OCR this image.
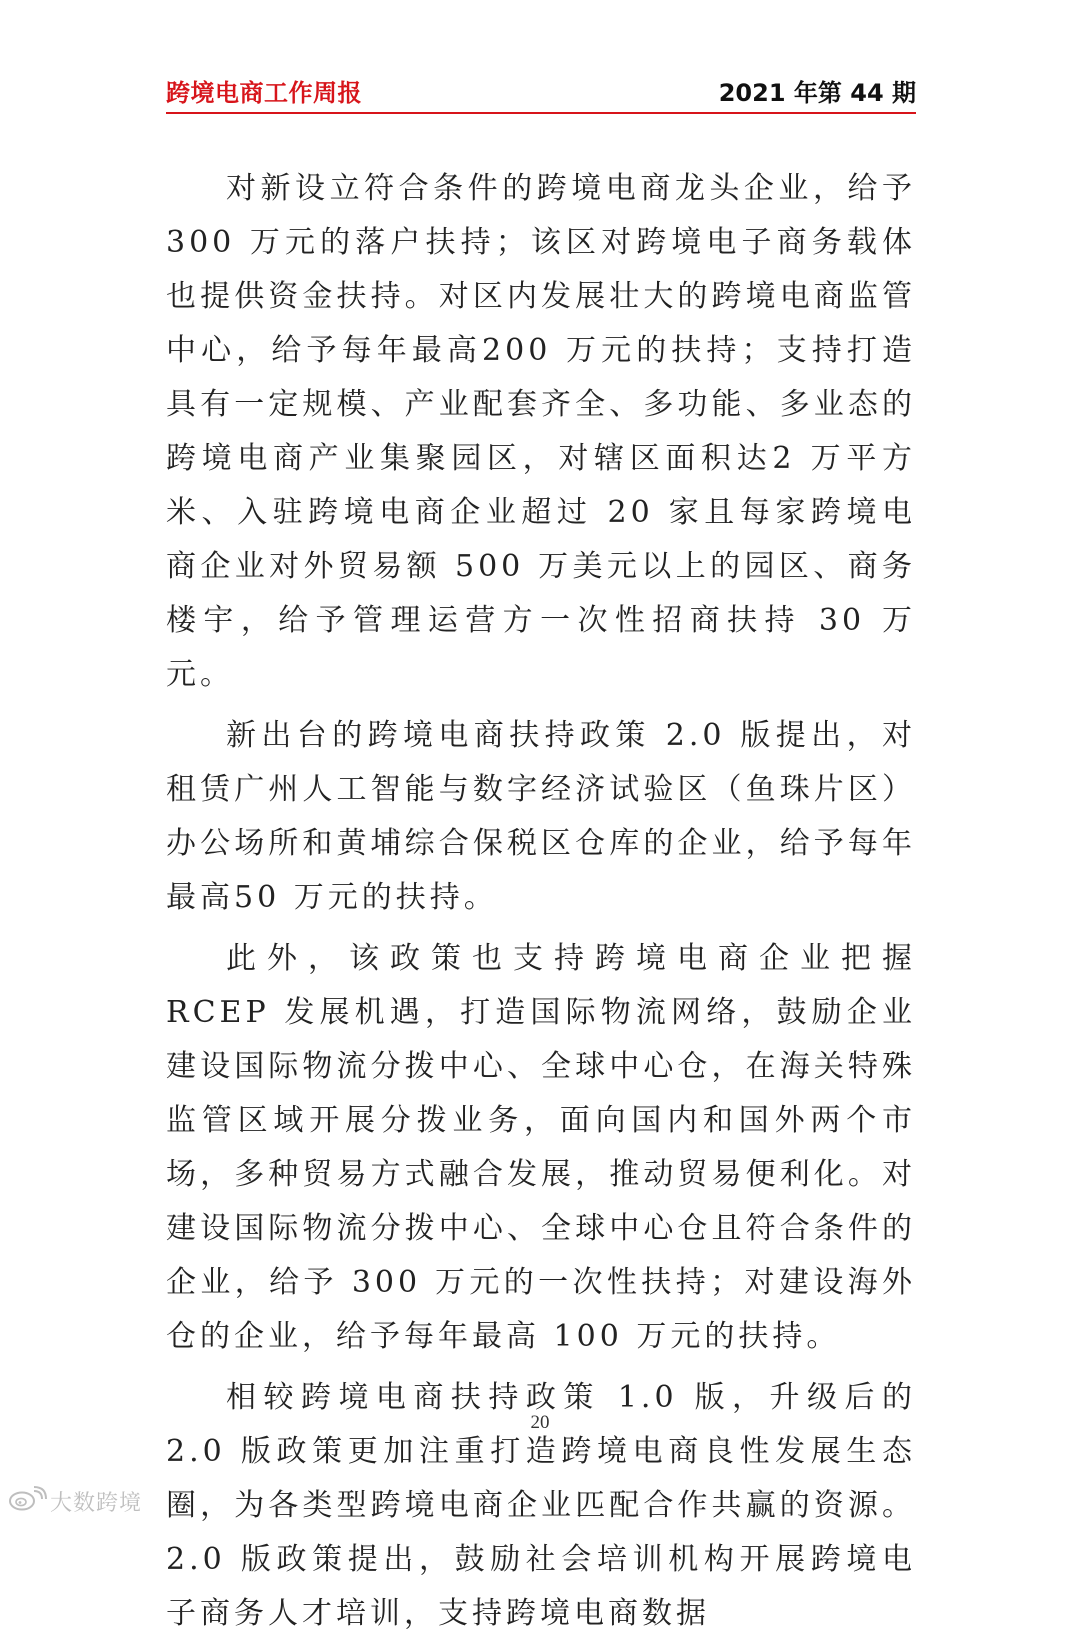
跨境电商工作周报	2021 年第 44 期

对新设立符合条件的跨境电商龙头企业，给予 300 万元的落户扶持；该区对跨境电子商务载体也提供资金扶持。对区内发展壮大的跨境电商监管中心，给予每年最高200 万元的扶持；支持打造具有一定规模、产业配套齐全、多功能、多业态的跨境电商产业集聚园区，对辖区面积达2 万平方米、入驻跨境电商企业超过 20 家且每家跨境电商企业对外贸易额 500 万美元以上的园区、商务楼宇，给予管理运营方一次性招商扶持 30 万元。

新出台的跨境电商扶持政策 2.0 版提出，对租赁广州人工智能与数字经济试验区（鱼珠片区）办公场所和黄埔综合保税区仓库的企业，给予每年最高50 万元的扶持。

此外，该政策也支持跨境电商企业把握 RCEP 发展机遇，打造国际物流网络，鼓励企业建设国际物流分拨中心、全球中心仓，在海关特殊监管区域开展分拨业务，面向国内和国外两个市场，多种贸易方式融合发展，推动贸易便利化。对建设国际物流分拨中心、全球中心仓且符合条件的企业，给予 300 万元的一次性扶持；对建设海外仓的企业，给予每年最高 100 万元的扶持。

相较跨境电商扶持政策 1.0 版，升级后的 2.0 版政策更加注重打造跨境电商良性发展生态圈，为各类型跨境电商企业匹配合作共赢的资源。2.0 版政策提出，鼓励社会培训机构开展跨境电子商务人才培训，支持跨境电商数据

20
大数跨境
